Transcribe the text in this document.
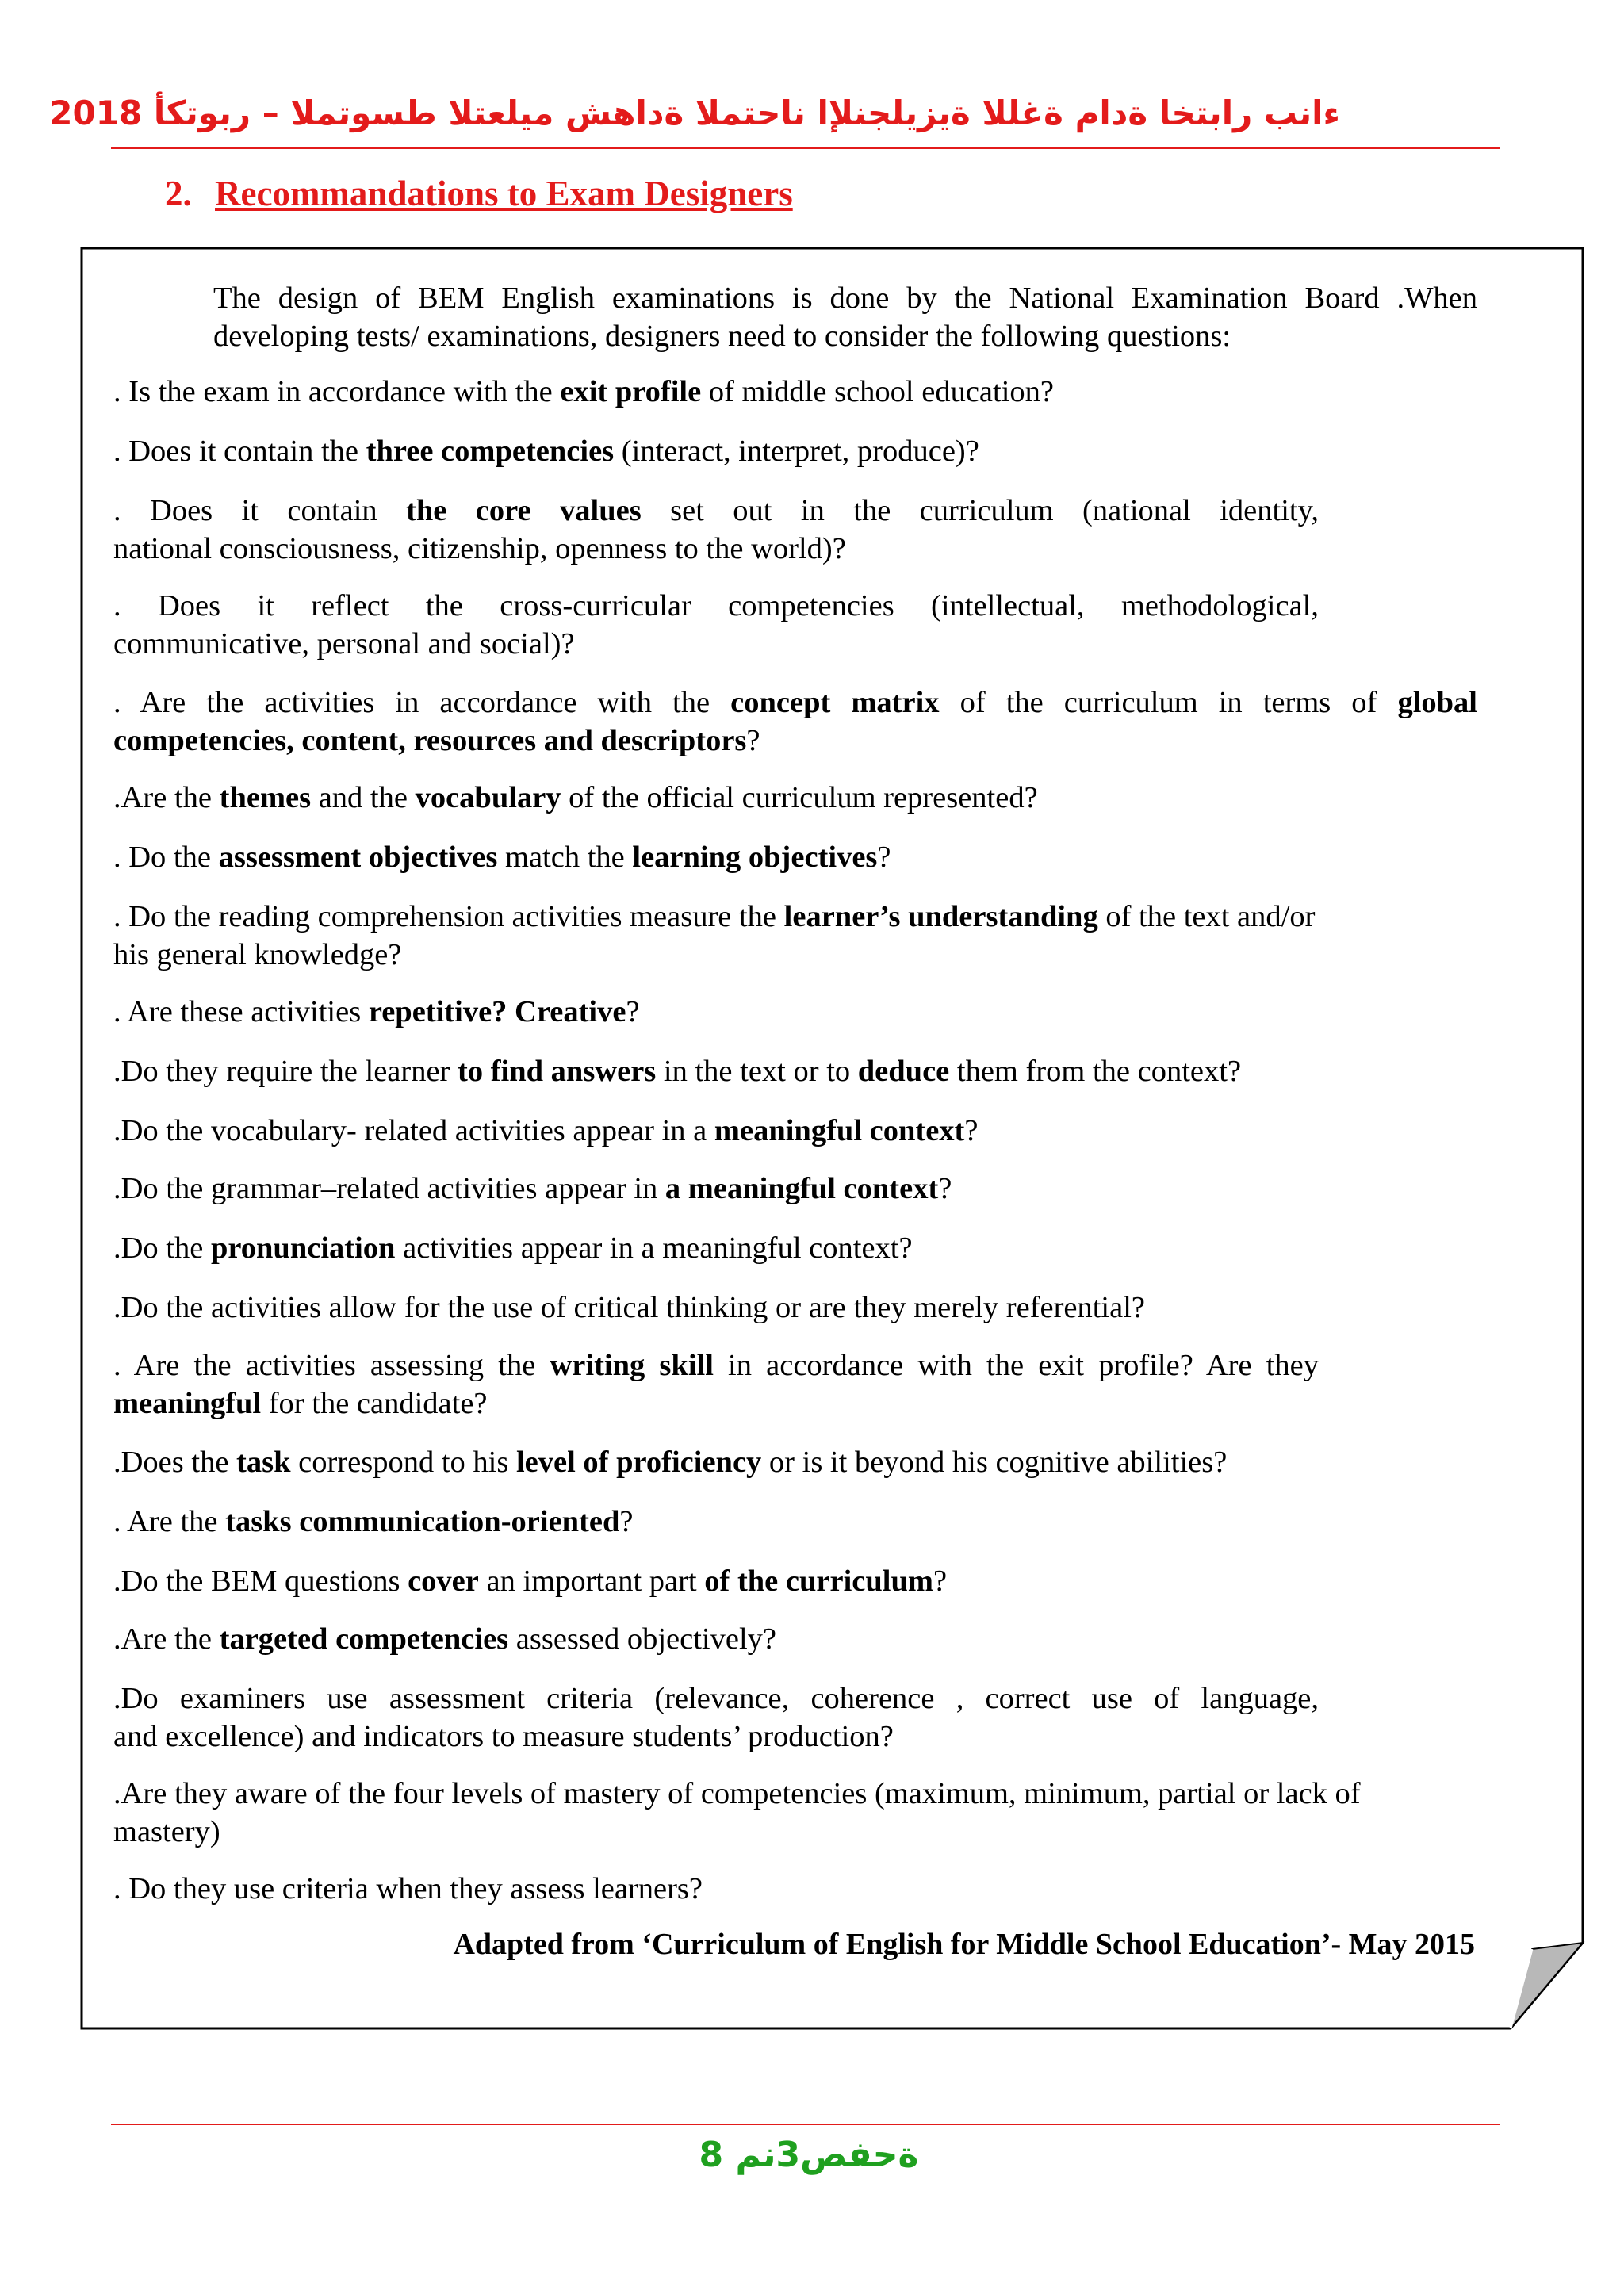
ءانب رابتخا ةدام ةغللا ةيزيلجنلإا ناحتملا ةداهش ميلعتلا طسوتملا – ربوتكأ 2018
2. Recommandations to Exam Designers

The design of BEM English examinations is done by the National Examination Board .When

developing tests/ examinations, designers need to consider the following questions:

. Is the exam in accordance with the exit profile of middle school education?

. Does it contain the three competencies (interact, interpret, produce)?

. Does it contain the core values set out in the curriculum (national identity,

national consciousness, citizenship, openness to the world)?

. Does it reflect the cross-curricular competencies (intellectual, methodological,

communicative, personal and social)?

. Are the activities in accordance with the concept matrix of the curriculum in terms of global

competencies, content, resources and descriptors?

.Are the themes and the vocabulary of the official curriculum represented?

. Do the assessment objectives match the learning objectives?

. Do the reading comprehension activities measure the learner’s understanding of the text and/or

his general knowledge?

. Are these activities repetitive? Creative?

.Do they require the learner to find answers in the text or to deduce them from the context?

.Do the vocabulary- related activities appear in a meaningful context?

.Do the grammar–related activities appear in a meaningful context?

.Do the pronunciation activities appear in a meaningful context?

.Do the activities allow for the use of critical thinking or are they merely referential?

. Are the activities assessing the writing skill in accordance with the exit profile? Are they

meaningful for the candidate?

.Does the task correspond to his level of proficiency or is it beyond his cognitive abilities?

. Are the tasks communication-oriented?

.Do the BEM questions cover an important part of the curriculum?

.Are the targeted competencies assessed objectively?

.Do examiners use assessment criteria (relevance, coherence , correct use of language,

and excellence) and indicators to measure students’ production?

.Are they aware of the four levels of mastery of competencies (maximum, minimum, partial or lack of

mastery)

. Do they use criteria when they assess learners?

Adapted from ‘Curriculum of English for Middle School Education’- May 2015
ةحفص3نم 8
